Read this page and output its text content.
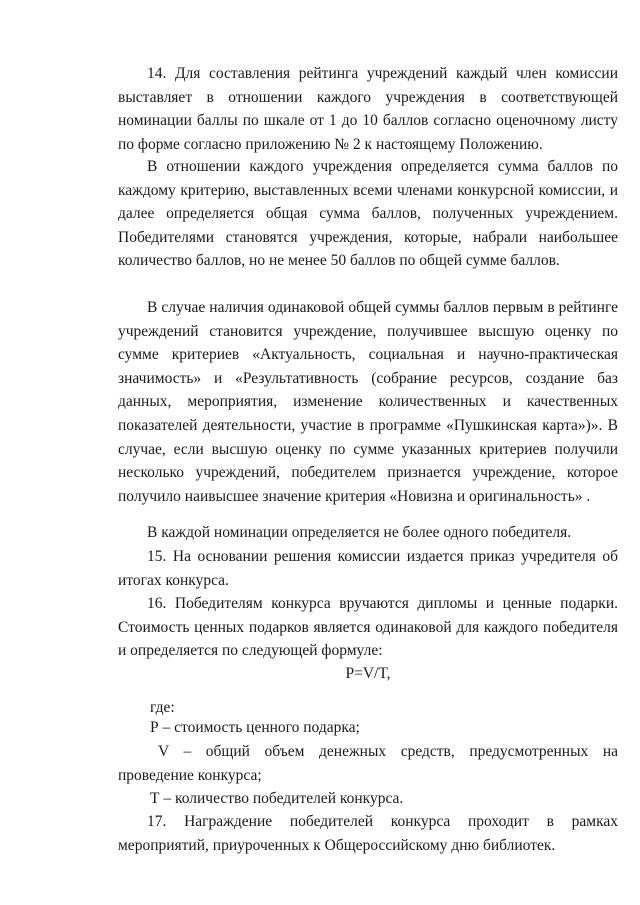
14. Для составления рейтинга учреждений каждый член комиссии выставляет в отношении каждого учреждения в соответствующей номинации баллы по шкале от 1 до 10 баллов согласно оценочному листу по форме согласно приложению № 2 к настоящему Положению.

В отношении каждого учреждения определяется сумма баллов по каждому критерию, выставленных всеми членами конкурсной комиссии, и далее определяется общая сумма баллов, полученных учреждением. Победителями становятся учреждения, которые, набрали наибольшее количество баллов, но не менее 50 баллов по общей сумме баллов.

В случае наличия одинаковой общей суммы баллов первым в рейтинге учреждений становится учреждение, получившее высшую оценку по сумме критериев «Актуальность, социальная и научно-практическая значимость» и «Результативность (собрание ресурсов, создание баз данных, мероприятия, изменение количественных и качественных показателей деятельности, участие в программе «Пушкинская карта»)». В случае, если высшую оценку по сумме указанных критериев получили несколько учреждений, победителем признается учреждение, которое получило наивысшее значение критерия «Новизна и оригинальность» .

В каждой номинации определяется не более одного победителя.

15. На основании решения комиссии издается приказ учредителя об итогах конкурса.

16. Победителям конкурса вручаются дипломы и ценные подарки. Стоимость ценных подарков является одинаковой для каждого победителя и определяется по следующей формуле:

P=V/T,

где:

Р – стоимость ценного подарка;

V – общий объем денежных средств, предусмотренных на проведение конкурса;

Т – количество победителей конкурса.

17. Награждение победителей конкурса проходит в рамках мероприятий, приуроченных к Общероссийскому дню библиотек.
